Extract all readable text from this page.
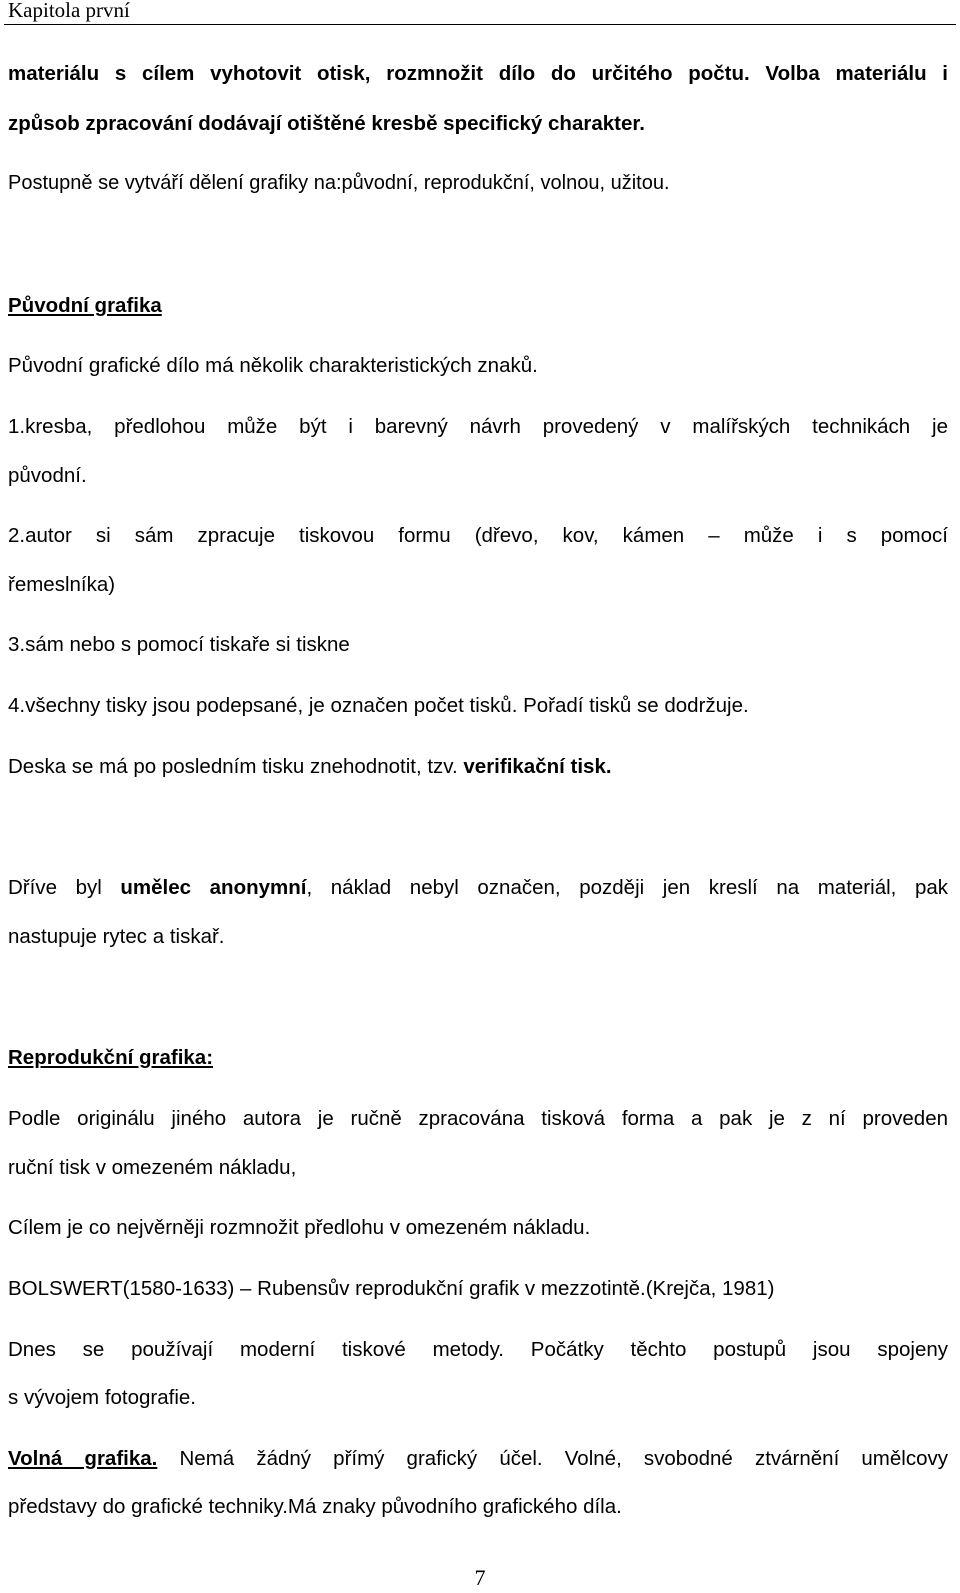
Kapitola první
materiálu s cílem vyhotovit otisk, rozmnožit dílo do určitého počtu. Volba materiálu i
způsob zpracování dodávají otištěné kresbě specifický charakter.
Postupně se vytváří dělení grafiky na:původní, reprodukční, volnou, užitou.
Původní grafika
Původní grafické dílo má několik charakteristických znaků.
1.kresba, předlohou může být i barevný návrh provedený v malířských technikách je
původní.
2.autor si sám zpracuje tiskovou formu (dřevo, kov, kámen – může i s pomocí
řemeslníka)
3.sám nebo s pomocí tiskaře si tiskne
4.všechny tisky jsou podepsané, je označen počet tisků. Pořadí tisků se dodržuje.
Deska se má po posledním tisku znehodnotit, tzv. verifikační tisk.
Dříve byl umělec anonymní, náklad nebyl označen, později jen kreslí na materiál, pak
nastupuje rytec a tiskař.
Reprodukční grafika:
Podle originálu jiného autora je ručně zpracována tisková forma a pak je z ní proveden
ruční tisk v omezeném nákladu,
Cílem je co nejvěrněji rozmnožit předlohu v omezeném nákladu.
BOLSWERT(1580-1633) – Rubensův reprodukční grafik v mezzotintě.(Krejča, 1981)
Dnes se používají moderní tiskové metody. Počátky těchto postupů jsou spojeny
s vývojem fotografie.
Volná grafika. Nemá žádný přímý grafický účel. Volné, svobodné ztvárnění umělcovy
představy do grafické techniky.Má znaky původního grafického díla.
7
